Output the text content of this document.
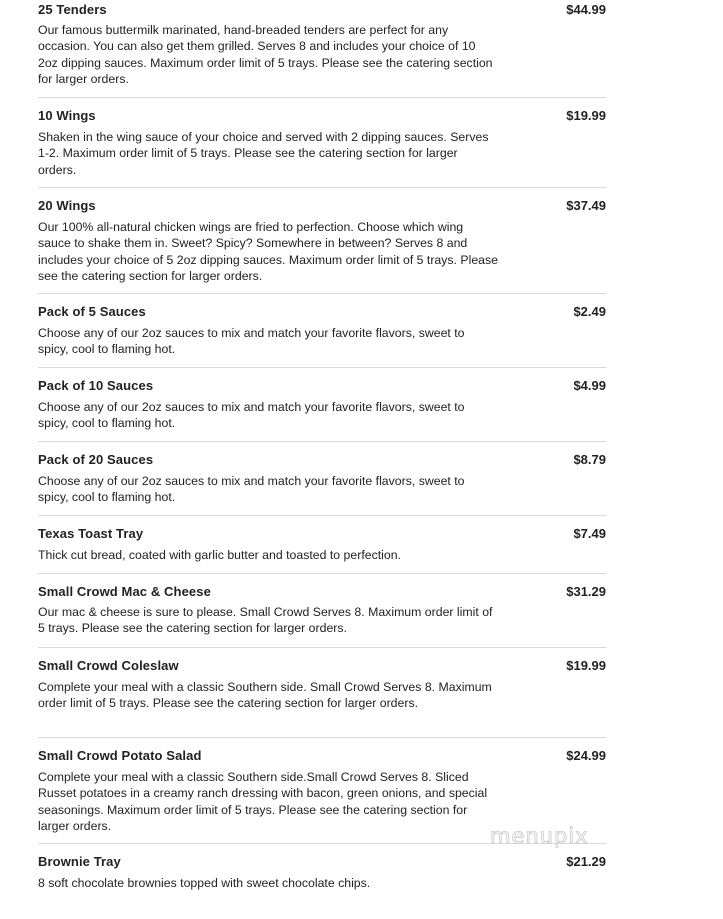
25 Tenders	$44.99
Our famous buttermilk marinated, hand-breaded tenders are perfect for any occasion. You can also get them grilled. Serves 8 and includes your choice of 10 2oz dipping sauces. Maximum order limit of 5 trays. Please see the catering section for larger orders.
10 Wings	$19.99
Shaken in the wing sauce of your choice and served with 2 dipping sauces. Serves 1-2. Maximum order limit of 5 trays. Please see the catering section for larger orders.
20 Wings	$37.49
Our 100% all-natural chicken wings are fried to perfection. Choose which wing sauce to shake them in. Sweet? Spicy? Somewhere in between? Serves 8 and includes your choice of 5 2oz dipping sauces. Maximum order limit of 5 trays. Please see the catering section for larger orders.
Pack of 5 Sauces	$2.49
Choose any of our 2oz sauces to mix and match your favorite flavors, sweet to spicy, cool to flaming hot.
Pack of 10 Sauces	$4.99
Choose any of our 2oz sauces to mix and match your favorite flavors, sweet to spicy, cool to flaming hot.
Pack of 20 Sauces	$8.79
Choose any of our 2oz sauces to mix and match your favorite flavors, sweet to spicy, cool to flaming hot.
Texas Toast Tray	$7.49
Thick cut bread, coated with garlic butter and toasted to perfection.
Small Crowd Mac & Cheese	$31.29
Our mac & cheese is sure to please. Small Crowd Serves 8. Maximum order limit of 5 trays. Please see the catering section for larger orders.
Small Crowd Coleslaw	$19.99
Complete your meal with a classic Southern side. Small Crowd Serves 8. Maximum order limit of 5 trays. Please see the catering section for larger orders.
Small Crowd Potato Salad	$24.99
Complete your meal with a classic Southern side.Small Crowd Serves 8. Sliced Russet potatoes in a creamy ranch dressing with bacon, green onions, and special seasonings. Maximum order limit of 5 trays. Please see the catering section for larger orders.
Brownie Tray	$21.29
8 soft chocolate brownies topped with sweet chocolate chips.
menupix
